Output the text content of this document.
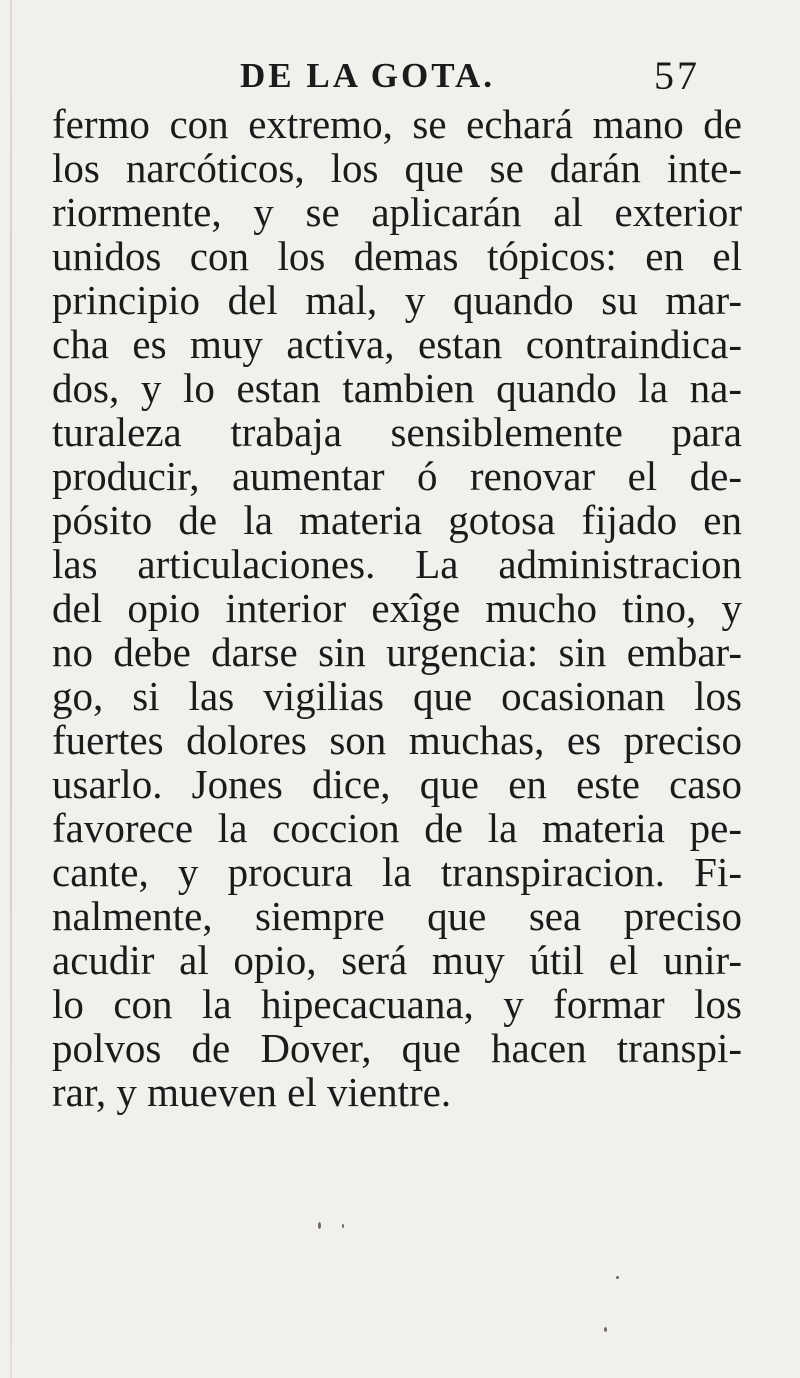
DE LA GOTA.	57
fermo con extremo, se echará mano de
los narcóticos, los que se darán inte-
riormente, y se aplicarán al exterior
unidos con los demas tópicos: en el
principio del mal, y quando su mar-
cha es muy activa, estan contraindica-
dos, y lo estan tambien quando la na-
turaleza trabaja sensiblemente para
producir, aumentar ó renovar el de-
pósito de la materia gotosa fijado en
las articulaciones. La administracion
del opio interior exîge mucho tino, y
no debe darse sin urgencia: sin embar-
go, si las vigilias que ocasionan los
fuertes dolores son muchas, es preciso
usarlo. Jones dice, que en este caso
favorece la coccion de la materia pe-
cante, y procura la transpiracion. Fi-
nalmente, siempre que sea preciso
acudir al opio, será muy útil el unir-
lo con la hipecacuana, y formar los
polvos de Dover, que hacen transpi-
rar, y mueven el vientre.
